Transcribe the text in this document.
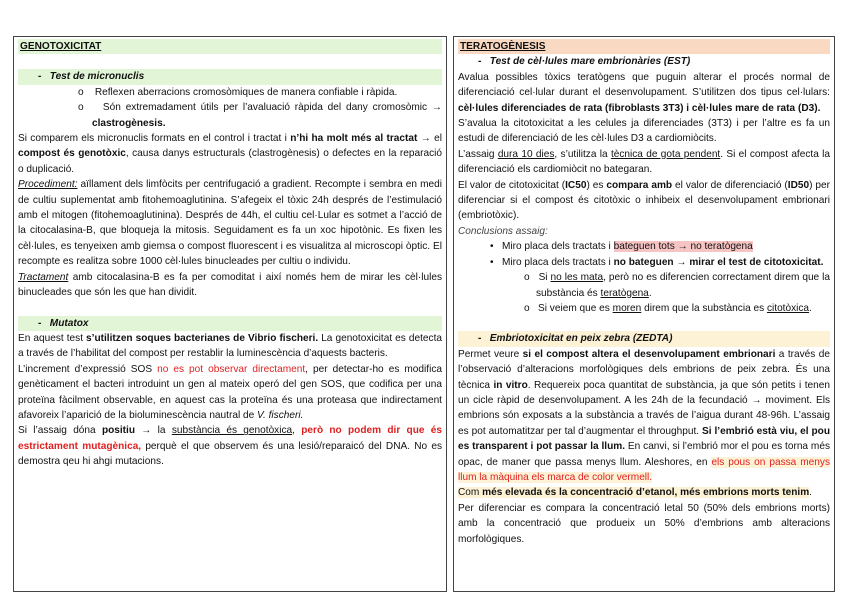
GENOTOXICITAT
-   Test de micronuclis
o    Reflexen aberracions cromosòmiques de manera confiable i ràpida.
o    Són extremadament útils per l’avaluació ràpida del dany cromosòmic → clastrogènesis.

Si comparem els micronuclis formats en el control i tractat i n’hi ha molt més al tractat → el compost és genotòxic, causa danys estructurals (clastrogènesis) o defectes en la reparació o duplicació.

Procediment: aïllament dels limfòcits per centrifugació a gradient. Recompte i sembra en medi de cultiu suplementat amb fitohemoaglutinina. S’afegeix el tòxic 24h després de l’estimulació amb el mitogen (fitohemoaglutinina). Després de 44h, el cultiu cel·Lular es sotmet a l’acció de la citocalasina-B, que bloqueja la mitosis. Seguidament es fa un xoc hipotònic. Es fixen les cèl·lules, es tenyeixen amb giemsa o compost fluorescent i es visualitza al microscopi òptic. El recompte es realitza sobre 1000 cèl·lules binucleades per cultiu o individu.

Tractament amb citocalasina-B es fa per comoditat i així només hem de mirar les cèl·lules binucleades que són les que han dividit.

-   Mutatox

En aquest test s’utilitzen soques bacterianes de Vibrio fischeri. La genotoxicitat es detecta a través de l’habilitat del compost per restablir la luminescència d’aquests bacteris.

L’increment d’expressió SOS no es pot observar directament, per detectar-ho es modifica genèticament el bacteri introduint un gen al mateix operó del gen SOS, que codifica per una proteïna fàcilment observable, en aquest cas la proteïna és una proteasa que indirectament afavoreix l’aparició de la bioluminescència nautral de V. fischeri.

Si l’assaig dóna positiu → la substància és genotòxica, però no podem dir que és estrictament mutagènica, perquè el que observem és una lesió/reparaicó del DNA. No es demostra qeu hi ahgi mutacions.

TERATOGÈNESIS
-   Test de cèl·lules mare embrionàries (EST)

Avalua possibles tòxics teratògens que puguin alterar el procés normal de diferenciació cel·lular durant el desenvolupament. S’utilitzen dos tipus cel·lulars: cèl·lules diferenciades de rata (fibroblasts 3T3) i cèl·lules mare de rata (D3).

S’avalua la citotoxicitat a les celules ja diferenciades (3T3) i per l’altre es fa un estudi de diferenciació de les cèl·lules D3 a cardiomiòcits.

L’assaig dura 10 dies, s’utilitza la tècnica de gota pendent. Si el compost afecta la diferenciació els cardiomiòcit no bategaran.

El valor de citotoxicitat (IC50) es compara amb el valor de diferenciació (ID50) per diferenciar si el compost és citotòxic o inhibeix el desenvolupament embrionari (embriotòxic).

Conclusions assaig:

•   Miro placa dels tractats i bateguen tots → no teratògena
•   Miro placa dels tractats i no bateguen → mirar el test de citotoxicitat.
o   Si no les mata, però no es diferencien correctament direm que la substància és teratògena.
o   Si veiem que es moren direm que la substància es citotòxica.
-   Embriotoxicitat en peix zebra (ZEDTA)

Permet veure si el compost altera el desenvolupament embrionari a través de l’observació d’alteracions morfològiques dels embrions de peix zebra. És una tècnica in vitro. Requereix poca quantitat de substància, ja que són petits i tenen un cicle ràpid de desenvolupament. A les 24h de la fecundació → moviment. Els embrions són exposats a la substància a través de l’aigua durant 48-96h. L’assaig es pot automatitzar per tal d’augmentar el throughput. Si l’embrió està viu, el pou es transparent i pot passar la llum. En canvi, si l’embrió mor el pou es torna més opac, de maner que passa menys llum. Aleshores, en els pous on passa menys llum la màquina els marca de color vermell.

Com més elevada és la concentració d’etanol, més embrions morts tenim.

Per diferenciar es compara la concentració letal 50 (50% dels embrions morts) amb la concentració que produeix un 50% d’embrions amb alteracions morfològiques.
